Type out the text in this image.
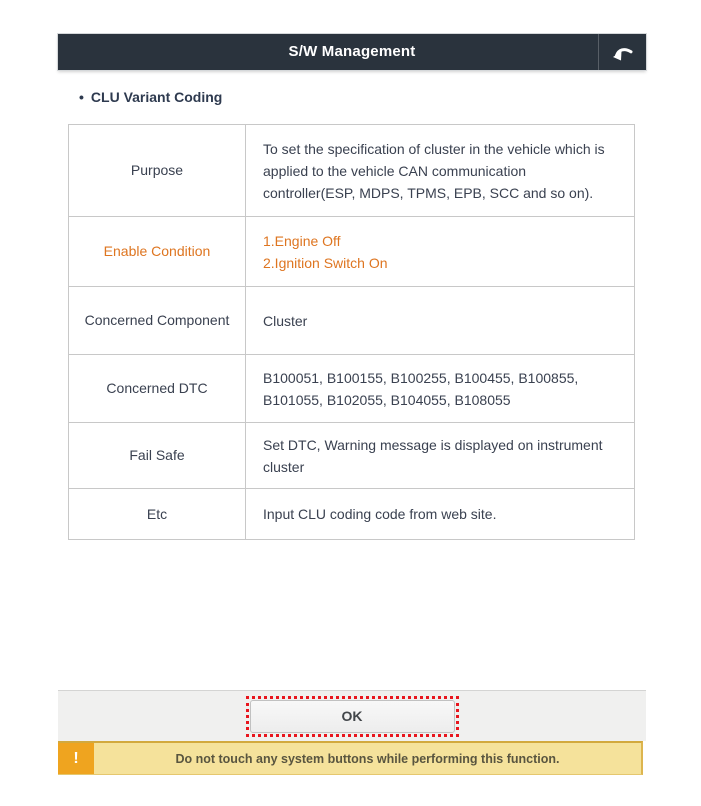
S/W Management
• CLU Variant Coding
Purpose	To set the specification of cluster in the vehicle which is applied to the vehicle CAN communication controller(ESP, MDPS, TPMS, EPB, SCC and so on).
Enable Condition	1.Engine Off
2.Ignition Switch On

Concerned Component	Cluster
Concerned DTC	B100051, B100155, B100255, B100455, B100855, B101055, B102055, B104055, B108055
Fail Safe	Set DTC, Warning message is displayed on instrument cluster
Etc	Input CLU coding code from web site.
OK
!	Do not touch any system buttons while performing this function.
